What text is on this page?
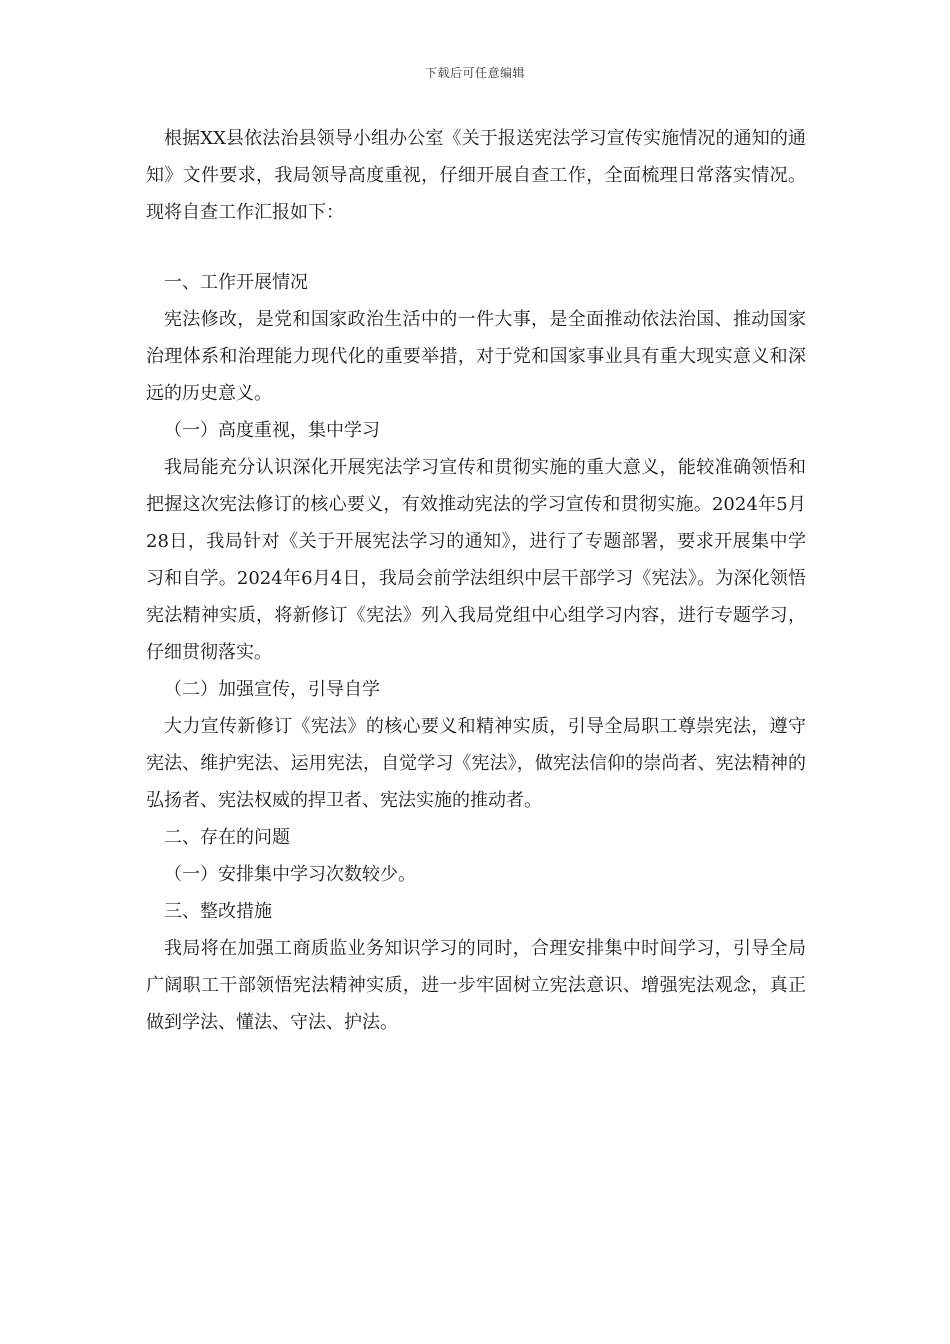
下载后可任意编辑

根据XX县依法治县领导小组办公室《关于报送宪法学习宣传实施情况的通知的通知》文件要求，我局领导高度重视，仔细开展自查工作，全面梳理日常落实情况。现将自查工作汇报如下：

一、工作开展情况

宪法修改，是党和国家政治生活中的一件大事，是全面推动依法治国、推动国家治理体系和治理能力现代化的重要举措，对于党和国家事业具有重大现实意义和深远的历史意义。

（一）高度重视，集中学习

我局能充分认识深化开展宪法学习宣传和贯彻实施的重大意义，能较准确领悟和把握这次宪法修订的核心要义，有效推动宪法的学习宣传和贯彻实施。2024年5月28日，我局针对《关于开展宪法学习的通知》，进行了专题部署，要求开展集中学习和自学。2024年6月4日，我局会前学法组织中层干部学习《宪法》。为深化领悟宪法精神实质，将新修订《宪法》列入我局党组中心组学习内容，进行专题学习，仔细贯彻落实。

（二）加强宣传，引导自学

大力宣传新修订《宪法》的核心要义和精神实质，引导全局职工尊崇宪法，遵守宪法、维护宪法、运用宪法，自觉学习《宪法》，做宪法信仰的崇尚者、宪法精神的弘扬者、宪法权威的捍卫者、宪法实施的推动者。

二、存在的问题

（一）安排集中学习次数较少。

三、整改措施

我局将在加强工商质监业务知识学习的同时，合理安排集中时间学习，引导全局广阔职工干部领悟宪法精神实质，进一步牢固树立宪法意识、增强宪法观念，真正做到学法、懂法、守法、护法。
